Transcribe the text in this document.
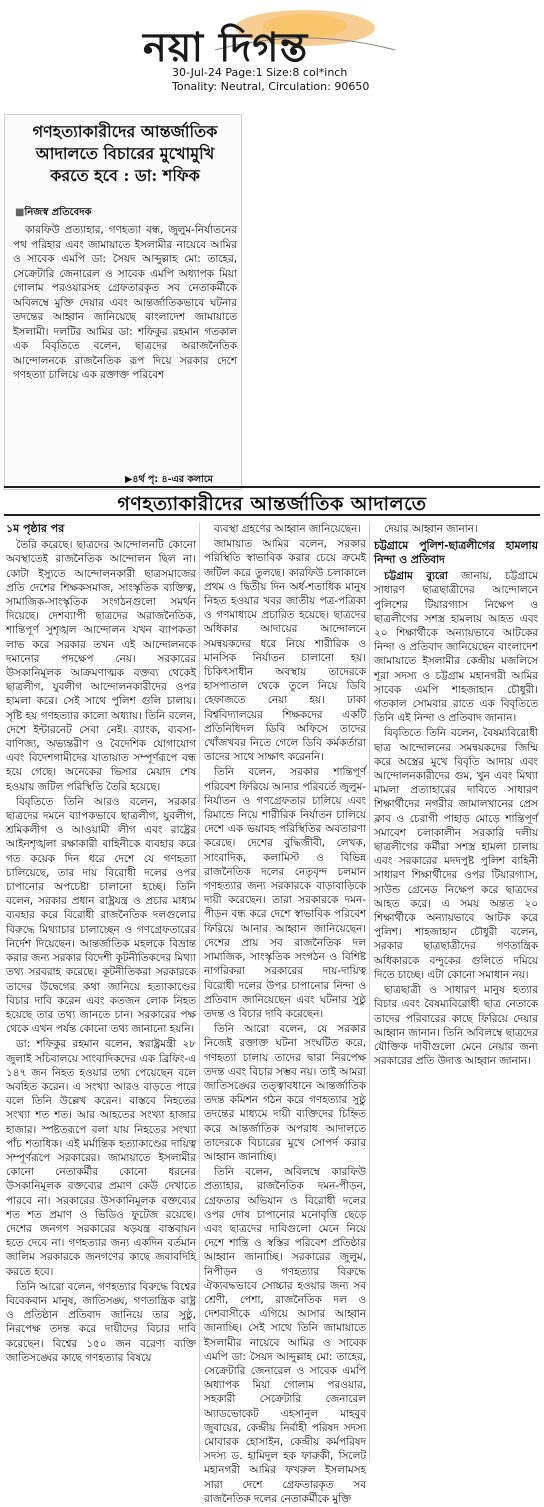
নয়া দিগন্ত
30-Jul-24 Page:1 Size:8 col*inch
Tonality: Neutral, Circulation: 90650
গণহত্যাকারীদের আন্তর্জাতিক আদালতে বিচারের মুখোমুখি করতে হবে : ডা: শফিক
■ নিজস্ব প্রতিবেদক
কারফিউ প্রত্যাহার, গণহত্যা বন্ধ, জুলুম-নির্যাতনের পথ পরিহার এবং জামায়াতে ইসলামীর নায়েবে আমির ও সাবেক এমপি ডা: সৈয়দ আব্দুল্লাহ মো: তাহের, সেক্রেটারি জেনারেল ও সাবেক এমপি অধ্যাপক মিয়া গোলাম পরওয়ারসহ গ্রেফতারকৃত সব নেতাকর্মীকে অবিলম্বে মুক্তি দেয়ার এবং আন্তর্জাতিকভাবে ঘটনার তদন্তের আহ্বান জানিয়েছে বাংলাদেশ জামায়াতে ইসলামী। দলটির আমির ডা: শফিকুর রহমান গতকাল এক বিবৃতিতে বলেন, ছাত্রদের অরাজনৈতিক আন্দোলনকে রাজনৈতিক রূপ দিয়ে সরকার দেশে গণহত্যা চালিয়ে এক রক্তাক্ত পরিবেশ
▶ ৪র্থ পৃ: ৪-এর কলামে
গণহত্যাকারীদের আন্তর্জাতিক আদালতে
১ম পৃষ্ঠার পর

তৈরি করেছে। ছাত্রদের আন্দোলনটি কোনো অবস্থাতেই রাজনৈতিক আন্দোলন ছিল না। কোটা ইস্যুতে আন্দোলনকারী ছাত্রসমাজের প্রতি দেশের শিক্ষকসমাজ, সাংস্কৃতিক ব্যক্তিত্ব, সামাজিক-সাংস্কৃতিক সংগঠনগুলো সমর্থন দিয়েছে। দেশব্যাপী ছাত্রদের অরাজনৈতিক, শান্তিপূর্ণ সুশৃঙ্খল আন্দোলন যখন ব্যাপকতা লাভ করে সরকার তখন এই আন্দোলনকে দমানোর পদক্ষেপ নেয়। সরকারের উসকানিমূলক আক্রমণাত্মক বক্তব্য থেকেই ছাত্রলীগ, যুবলীগ আন্দোলনকারীদের ওপর হামলা করে। সেই সাথে পুলিশ গুলি চালায়। সৃষ্টি হয় গণহত্যার কালো অধ্যায়। তিনি বলেন, দেশে ইন্টারনেট সেবা নেই। ব্যাংক, ব্যবসা-বাণিজ্য, অভ্যন্তরীণ ও বৈদেশিক যোগাযোগ এবং বিদেশগামীদের যাতায়াত সম্পূর্ণরূপে বন্ধ হয়ে গেছে। অনেকের ভিসার মেয়াদ শেষ হওয়ায় জটিল পরিস্থিতি তৈরি হয়েছে।

বিবৃতিতে তিনি আরও বলেন, সরকার ছাত্রদের দমনে ব্যাপকভাবে ছাত্রলীগ, যুবলীগ, শ্রমিকলীগ ও আওয়ামী লীগ এবং রাষ্ট্রের আইনশৃঙ্খলা রক্ষাকারী বাহিনীকে ব্যবহার করে গত কয়েক দিন ধরে দেশে যে গণহত্যা চালিয়েছে, তার দায় বিরোধী দলের ওপর চাপানোর অপচেষ্টা চালানো হচ্ছে। তিনি বলেন, সরকার প্রধান রাষ্ট্রযন্ত্র ও প্রচার মাধ্যম ব্যবহার করে বিরোধী রাজনৈতিক দলগুলোর বিরুদ্ধে মিথ্যাচার চালাচ্ছেন ও গণগ্রেফতারের নির্দেশ দিয়েছেন। আন্তর্জাতিক মহলকে বিভ্রান্ত করার জন্য সরকার বিদেশী কূটনীতিকদের মিথ্যা তথ্য সরবরাহ করেছে। কূটনীতিকরা সরকারকে তাদের উদ্বেগের কথা জানিয়ে হত্যাকাণ্ডের বিচার দাবি করেন এবং কতজন লোক নিহত হয়েছে তার তথ্য জানতে চান। সরকারের পক্ষ থেকে এখন পর্যন্ত কোনো তথ্য জানানো হয়নি।

ডা: শফিকুর রহমান বলেন, স্বরাষ্ট্রমন্ত্রী ২৮ জুলাই সচিবালয়ে সাংবাদিকদের এক ব্রিফিং-এ ১৪৭ জন নিহত হওয়ার তথ্য পেয়েছেন বলে অবহিত করেন। এ সংখ্যা আরও বাড়তে পারে বলে তিনি উল্লেখ করেন। বাস্তবে নিহতের সংখ্যা শত শত। আর আহতের সংখ্যা হাজার হাজার। স্পষ্টতরূপে বলা যায় নিহতের সংখ্যা পাঁচ শতাধিক। এই মর্মান্তিক হত্যাকাণ্ডের দায়িত্ব সম্পূর্ণরূপে সরকারের। জামায়াতে ইসলামীর কোনো নেতাকর্মীর কোনো ধরনের উসকানিমূলক বক্তব্যের প্রমাণ কেউ দেখাতে পারবে না। সরকারের উসকানিমূলক বক্তব্যের শত শত প্রমাণ ও ভিডিও ফুটেজ রয়েছে। দেশের জনগণ সরকারের ষড়যন্ত্র বাস্তবায়ন হতে দেবে না। গণহত্যার জন্য একদিন বর্তমান জালিম সরকারকে জনগণের কাছে জবাবদিহি করতে হবে।

তিনি আরো বলেন, গণহত্যার বিরুদ্ধে বিশ্বের বিবেকবান মানুষ, জাতিসঙ্ঘ, গণতান্ত্রিক রাষ্ট্র ও প্রতিষ্ঠান প্রতিবাদ জানিয়ে তার সুষ্ঠু, নিরপেক্ষ তদন্ত করে দায়ীদের বিচার দাবি করেছেন। বিশ্বের ১৫০ জন বরেণ্য ব্যক্তি জাতিসঙ্ঘের কাছে গণহত্যার বিষয়ে

ব্যবস্থা গ্রহণের আহ্বান জানিয়েছেন।

জামায়াত আমির বলেন, সরকার পরিস্থিতি স্বাভাবিক করার চেয়ে ক্রমেই জটিল করে তুলছে। কারফিউ চলাকালে প্রথম ও দ্বিতীয় দিন অর্ধ-শতাধিক মানুষ নিহত হওয়ার খবর জাতীয় পত্র-পত্রিকা ও গণমাধ্যমে প্রচারিত হয়েছে। ছাত্রদের অধিকার আদায়ের আন্দোলনে সমন্বয়কদের ধরে নিয়ে শারীরিক ও মানসিক নির্যাতন চালানো হয়। চিকিৎসাধীন অবস্থায় তাদেরকে হাসপাতাল থেকে তুলে নিয়ে ডিবি হেফাজতে নেয়া হয়। ঢাকা বিশ্ববিদ্যালয়ের শিক্ষকদের একটি প্রতিনিধিদল ডিবি অফিসে তাদের খোঁজখবর নিতে গেলে ডিবি কর্মকর্তারা তাদের সাথে সাক্ষাৎ করেননি।

তিনি বলেন, সরকার শান্তিপূর্ণ পরিবেশ ফিরিয়ে আনার পরিবর্তে জুলুম-নির্যাতন ও গণগ্রেফতার চালিয়ে এবং রিমান্ডে নিয়ে শারীরিক নির্যাতন চালিয়ে দেশে এক ভয়াবহ পরিস্থিতির অবতারণা করেছে। দেশের বুদ্ধিজীবী, লেখক, সাংবাদিক, কলামিস্ট ও বিভিন্ন রাজনৈতিক দলের নেতৃবৃন্দ চলমান গণহত্যার জন্য সরকারকে বাড়াবাড়িকে দায়ী করেছেন। তারা সরকারকে দমন-পীড়ন বন্ধ করে দেশে স্বাভাবিক পরিবেশ ফিরিয়ে আনার আহ্বান জানিয়েছেন। দেশের প্রায় সব রাজনৈতিক দল সামাজিক, সাংস্কৃতিক সংগঠন ও বিশিষ্ট নাগরিকরা সরকারের দায়-দায়িত্ব বিরোধী দলের উপর চাপানোর নিন্দা ও প্রতিবাদ জানিয়েছেন এবং ঘটনার সুষ্ঠু তদন্ত ও বিচার দাবি করেছেন।

তিনি আরো বলেন, যে সরকার নিজেই রক্তাক্ত ঘটনা সংঘটিত করে, গণহত্যা চালায় তাদের দ্বারা নিরপেক্ষ তদন্ত এবং বিচার সম্ভব নয়। তাই আমরা জাতিসঙ্ঘের তত্ত্বাবধানে আন্তর্জাতিক তদন্ত কমিশন গঠন করে গণহত্যার সুষ্ঠু তদন্তের মাধ্যমে দায়ী ব্যক্তিদের চিহ্নিত করে আন্তর্জাতিক অপরাধ আদালতে তাদেরকে বিচারের মুখে সোপর্দ করার আহ্বান জানাচ্ছি।

তিনি বলেন, অবিলম্বে কারফিউ প্রত্যাহার, রাজনৈতিক দমন-পীড়ন, গ্রেফতার অভিযান ও বিরোধী দলের ওপর দোষ চাপানোর মনোবৃত্তি ছেড়ে এবং ছাত্রদের দাবিগুলো মেনে নিয়ে দেশে শান্তি ও স্বস্তির পরিবেশ প্রতিষ্ঠার আহ্বান জানাচ্ছি। সরকারের জুলুম, নিপীড়ন ও গণহত্যার বিরুদ্ধে ঐক্যবদ্ধভাবে সোচ্চার হওয়ার জন্য সব শ্রেণী, পেশা, রাজনৈতিক দল ও দেশবাসীকে এগিয়ে আসার আহ্বান জানাচ্ছি। সেই সাথে তিনি জামায়াতে ইসলামীর নায়েবে আমির ও সাবেক এমপি ডা: সৈয়দ আব্দুল্লাহ মো: তাহের, সেক্রেটারি জেনারেল ও সাবেক এমপি অধ্যাপক মিয়া গোলাম পরওয়ার, সহকারী সেক্রেটারি জেনারেল অ্যাডভোকেট এহসানুল মাহবুব জুবায়ের, কেন্দ্রীয় নির্বাহী পরিষদ সদস্য মোবারক হোসাইন, কেন্দ্রীয় কর্মপরিষদ সদস্য ড. হামিদুল হক ফারুকী, সিলেট মহানগরী আমির ফখরুল ইসলামসহ সারা দেশে গ্রেফতারকৃত সব রাজনৈতিক দলের নেতাকর্মীকে মুক্তি

দেয়ার আহ্বান জানান।

চট্টগ্রামে পুলিশ-ছাত্রলীগের হামলায় নিন্দা ও প্রতিবাদ

চট্টগ্রাম ব্যুরো জানায়, চট্টগ্রামে সাধারণ ছাত্রছাত্রীদের আন্দোলনে পুলিশের টিয়ারগ্যাস নিক্ষেপ ও ছাত্রলীগের সশস্ত্র হামলায় আহত এবং ২০ শিক্ষার্থীকে অন্যায়ভাবে আটকের নিন্দা ও প্রতিবাদ জানিয়েছেন বাংলাদেশ জামায়াতে ইসলামীর কেন্দ্রীয় মজলিসে শূরা সদস্য ও চট্টগ্রাম মহানগরী আমির সাবেক এমপি শাহজাহান চৌধুরী। গতকাল সোমবার রাতে এক বিবৃতিতে তিনি এই নিন্দা ও প্রতিবাদ জানান।

বিবৃতিতে তিনি বলেন, বৈষম্যবিরোধী ছাত্র আন্দোলনের সমন্বয়কদের জিম্মি করে অস্ত্রের মুখে বিবৃতি আদায় এবং আন্দোলনকারীদের গুম, খুন এবং মিথ্যা মামলা প্রত্যাহারের দাবিতে সাধারণ শিক্ষার্থীদের নগরীর জামালখানের প্রেস ক্লাব ও চেরাগী পাহাড় মোড়ে শান্তিপূর্ণ সমাবেশ চলাকালীন সরকারি দলীয় ছাত্রলীগের কর্মীরা সশস্ত্র হামলা চালায় এবং সরকারের মদদপুষ্ট পুলিশ বাহিনী সাধারণ শিক্ষার্থীদের ওপর টিয়ারগ্যাস, সাউন্ড গ্রেনেড নিক্ষেপ করে ছাত্রদের আহত করে। এ সময় অন্তত ২০ শিক্ষার্থীকে অন্যায়ভাবে আটক করে পুলিশ। শাহজাহান চৌধুরী বলেন, সরকার ছাত্রছাত্রীদের গণতান্ত্রিক অধিকারকে বন্দুকের গুলিতে দমিয়ে দিতে চাচ্ছে। এটা কোনো সমাধান নয়।

ছাত্রছাত্রী ও সাধারণ মানুষ হত্যার বিচার এবং বৈষম্যবিরোধী ছাত্র নেতাকে তাদের পরিবারের কাছে ফিরিয়ে দেয়ার আহ্বান জানান। তিনি অবিলম্বে ছাত্রদের যৌক্তিক দাবীগুলো মেনে নেয়ার জন্য সরকারের প্রতি উদাত্ত আহ্বান জানান।
